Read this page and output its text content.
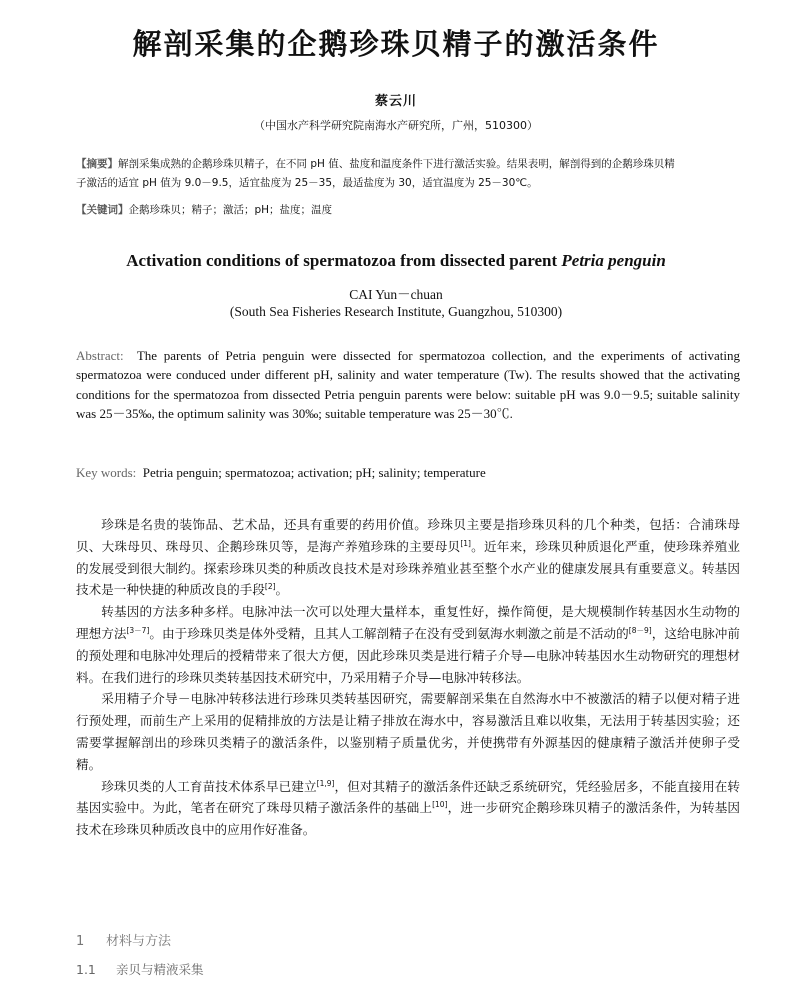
解剖采集的企鹅珍珠贝精子的激活条件
蔡云川
（中国水产科学研究院南海水产研究所，广州，510300）
【摘要】解剖采集成熟的企鹅珍珠贝精子，在不同 pH 值、盐度和温度条件下进行激活实验。结果表明，解剖得到的企鹅珍珠贝精
子激活的适宜 pH 值为 9.0－9.5，适宜盐度为 25－35，最适盐度为 30，适宜温度为 25－30℃。
【关键词】企鹅珍珠贝；精子；激活；pH；盐度；温度
Activation conditions of spermatozoa from dissected parent Petria penguin
CAI Yun－chuan
(South Sea Fisheries Research Institute, Guangzhou, 510300)
Abstract: The parents of Petria penguin were dissected for spermatozoa collection, and the experiments of activating spermatozoa were conduced under different pH, salinity and water temperature (Tw). The results showed that the activating conditions for the spermatozoa from dissected Petria penguin parents were below: suitable pH was 9.0－9.5; suitable salinity was 25－35‰, the optimum salinity was 30‰; suitable temperature was 25－30℃.
Key words: Petria penguin; spermatozoa; activation; pH; salinity; temperature

珍珠是名贵的装饰品、艺术品，还具有重要的药用价值。珍珠贝主要是指珍珠贝科的几个种类，包括：合浦珠母贝、大珠母贝、珠母贝、企鹅珍珠贝等，是海产养殖珍珠的主要母贝[1]。近年来，珍珠贝种质退化严重，使珍珠养殖业的发展受到很大制约。探索珍珠贝类的种质改良技术是对珍珠养殖业甚至整个水产业的健康发展具有重要意义。转基因技术是一种快捷的种质改良的手段[2]。

转基因的方法多种多样。电脉冲法一次可以处理大量样本，重复性好，操作简便，是大规模制作转基因水生动物的理想方法[3－7]。由于珍珠贝类是体外受精，且其人工解剖精子在没有受到氨海水刺激之前是不活动的[8－9]，这给电脉冲前的预处理和电脉冲处理后的授精带来了很大方便，因此珍珠贝类是进行精子介导—电脉冲转基因水生动物研究的理想材料。在我们进行的珍珠贝类转基因技术研究中，乃采用精子介导—电脉冲转移法。

采用精子介导－电脉冲转移法进行珍珠贝类转基因研究，需要解剖采集在自然海水中不被激活的精子以便对精子进行预处理，而前生产上采用的促精排放的方法是让精子排放在海水中，容易激活且难以收集，无法用于转基因实验；还需要掌握解剖出的珍珠贝类精子的激活条件，以鉴别精子质量优劣，并使携带有外源基因的健康精子激活并使卵子受精。

珍珠贝类的人工育苗技术体系早已建立[1,9]，但对其精子的激活条件还缺乏系统研究，凭经验居多，不能直接用在转基因实验中。为此，笔者在研究了珠母贝精子激活条件的基础上[10]，进一步研究企鹅珍珠贝精子的激活条件，为转基因技术在珍珠贝种质改良中的应用作好准备。

1 材料与方法
1.1 亲贝与精液采集
